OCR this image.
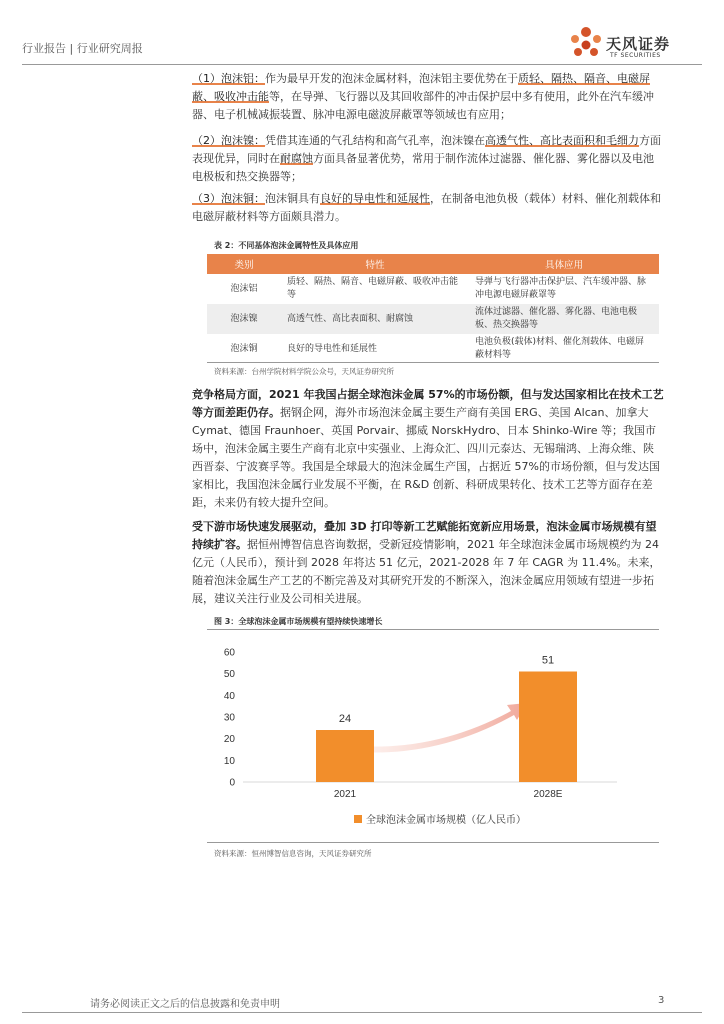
行业报告 | 行业研究周报	天风证券
TF SECURITIES

（1）泡沫铝：作为最早开发的泡沫金属材料，泡沫铝主要优势在于质轻、隔热、隔音、电磁屏蔽、吸收冲击能等，在导弹、飞行器以及其回收部件的冲击保护层中多有使用，此外在汽车缓冲器、电子机械减振装置、脉冲电源电磁波屏蔽罩等领域也有应用；

（2）泡沫镍：凭借其连通的气孔结构和高气孔率，泡沫镍在高透气性、高比表面积和毛细力方面表现优异，同时在耐腐蚀方面具备显著优势，常用于制作流体过滤器、催化器、雾化器以及电池电极板和热交换器等；

（3）泡沫铜：泡沫铜具有良好的导电性和延展性，在制备电池负极（载体）材料、催化剂载体和电磁屏蔽材料等方面颇具潜力。

表 2：不同基体泡沫金属特性及具体应用
类别	特性	具体应用
泡沫铝	质轻、隔热、隔音、电磁屏蔽、吸收冲击能等	导弹与飞行器冲击保护层、汽车缓冲器、脉冲电源电磁屏蔽罩等
泡沫镍	高透气性、高比表面积、耐腐蚀	流体过滤器、催化器、雾化器、电池电极板、热交换器等
泡沫铜	良好的导电性和延展性	电池负极(载体)材料、催化剂载体、电磁屏蔽材料等
资料来源：台州学院材料学院公众号，天风证券研究所

竞争格局方面，2021 年我国占据全球泡沫金属 57%的市场份额，但与发达国家相比在技术工艺等方面差距仍存。据钢企网，海外市场泡沫金属主要生产商有美国 ERG、美国 Alcan、加拿大 Cymat、德国 Fraunhoer、英国 Porvair、挪威 NorskHydro、日本 Shinko-Wire 等；我国市场中，泡沫金属主要生产商有北京中实强业、上海众汇、四川元泰达、无锡瑞鸿、上海众维、陕西晋泰、宁波赛孚等。我国是全球最大的泡沫金属生产国，占据近 57%的市场份额，但与发达国家相比，我国泡沫金属行业发展不平衡，在 R&D 创新、科研成果转化、技术工艺等方面存在差距，未来仍有较大提升空间。

受下游市场快速发展驱动，叠加 3D 打印等新工艺赋能拓宽新应用场景，泡沫金属市场规模有望持续扩容。据恒州博智信息咨询数据，受新冠疫情影响，2021 年全球泡沫金属市场规模约为 24 亿元（人民币），预计到 2028 年将达 51 亿元，2021-2028 年 7 年 CAGR 为 11.4%。未来，随着泡沫金属生产工艺的不断完善及对其研究开发的不断深入，泡沫金属应用领域有望进一步拓展，建议关注行业及公司相关进展。

图 3：全球泡沫金属市场规模有望持续快速增长
0
10
20
30
40
50
60
2021	2028E
24
51
全球泡沫金属市场规模（亿人民币）
资料来源：恒州博智信息咨询，天风证券研究所
请务必阅读正文之后的信息披露和免责申明	3
